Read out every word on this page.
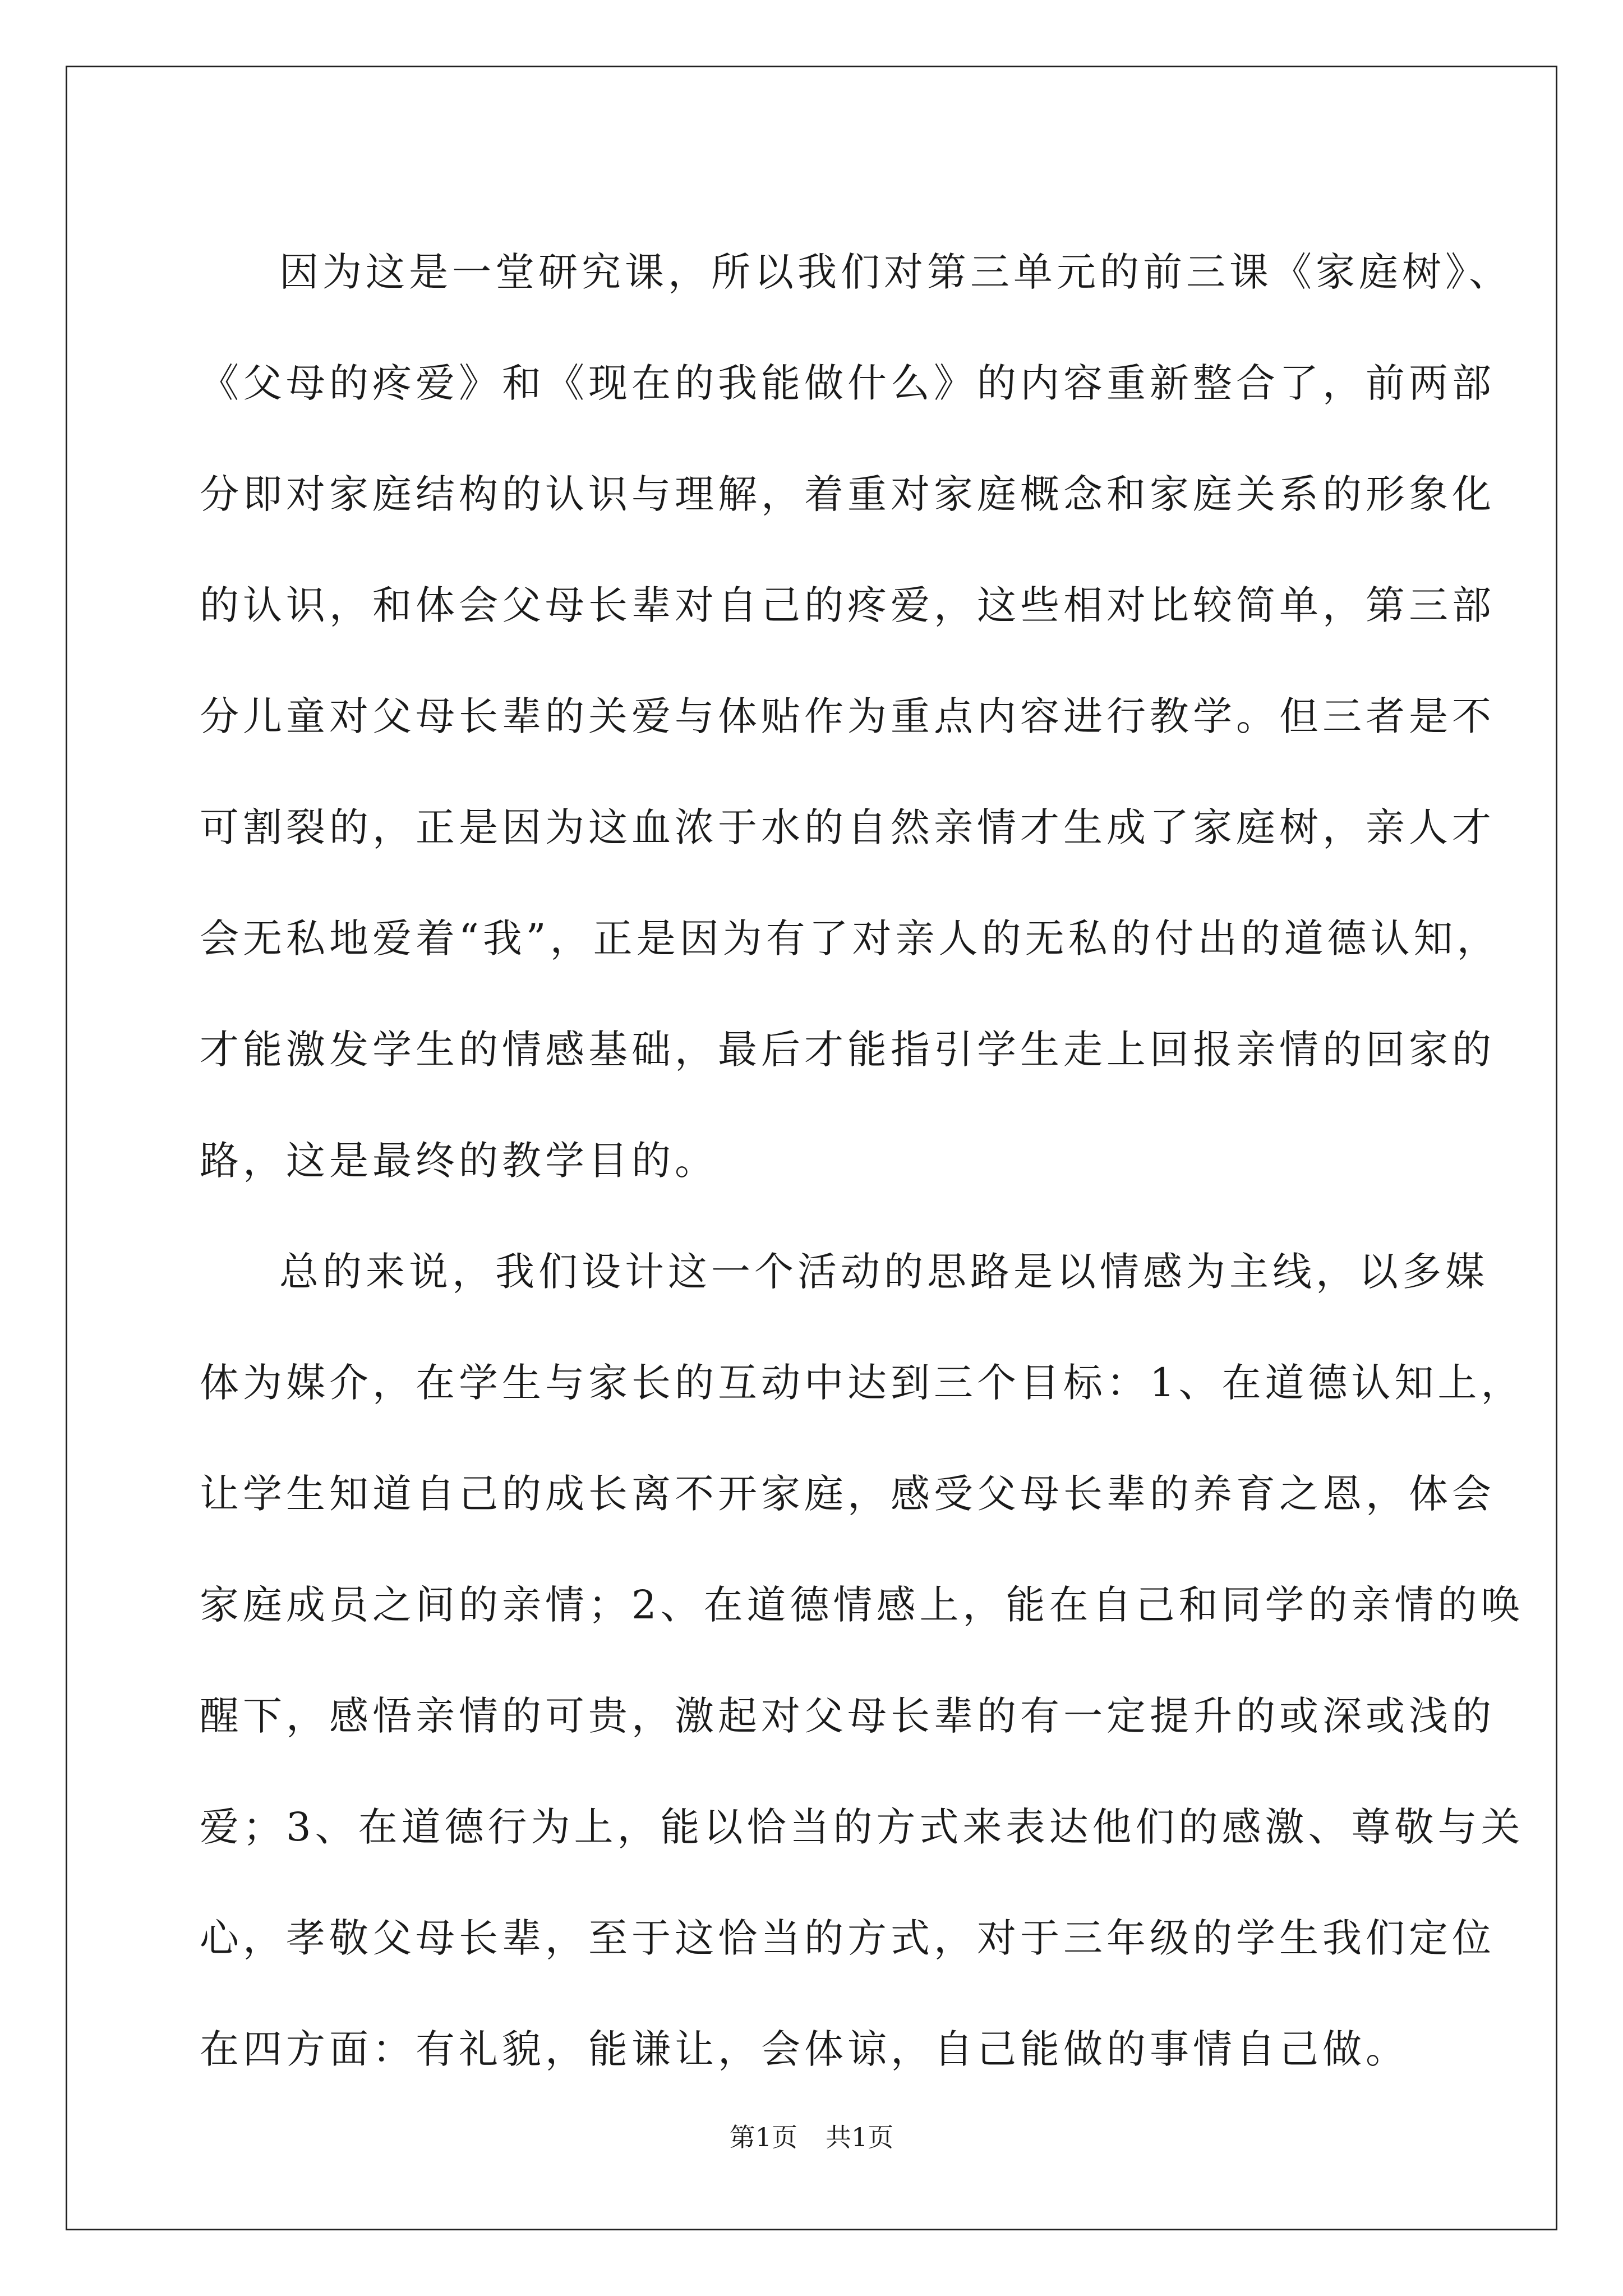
因为这是一堂研究课，所以我们对第三单元的前三课《家庭树》、
《父母的疼爱》和《现在的我能做什么》的内容重新整合了，前两部
分即对家庭结构的认识与理解，着重对家庭概念和家庭关系的形象化
的认识，和体会父母长辈对自己的疼爱，这些相对比较简单，第三部
分儿童对父母长辈的关爱与体贴作为重点内容进行教学。但三者是不
可割裂的，正是因为这血浓于水的自然亲情才生成了家庭树，亲人才
会无私地爱着“我”，正是因为有了对亲人的无私的付出的道德认知，
才能激发学生的情感基础，最后才能指引学生走上回报亲情的回家的
路，这是最终的教学目的。
总的来说，我们设计这一个活动的思路是以情感为主线，以多媒
体为媒介，在学生与家长的互动中达到三个目标：1、在道德认知上，
让学生知道自己的成长离不开家庭，感受父母长辈的养育之恩，体会
家庭成员之间的亲情；2、在道德情感上，能在自己和同学的亲情的唤
醒下，感悟亲情的可贵，激起对父母长辈的有一定提升的或深或浅的
爱；3、在道德行为上，能以恰当的方式来表达他们的感激、尊敬与关
心，孝敬父母长辈，至于这恰当的方式，对于三年级的学生我们定位
在四方面：有礼貌，能谦让，会体谅，自己能做的事情自己做。
第1页 共1页
